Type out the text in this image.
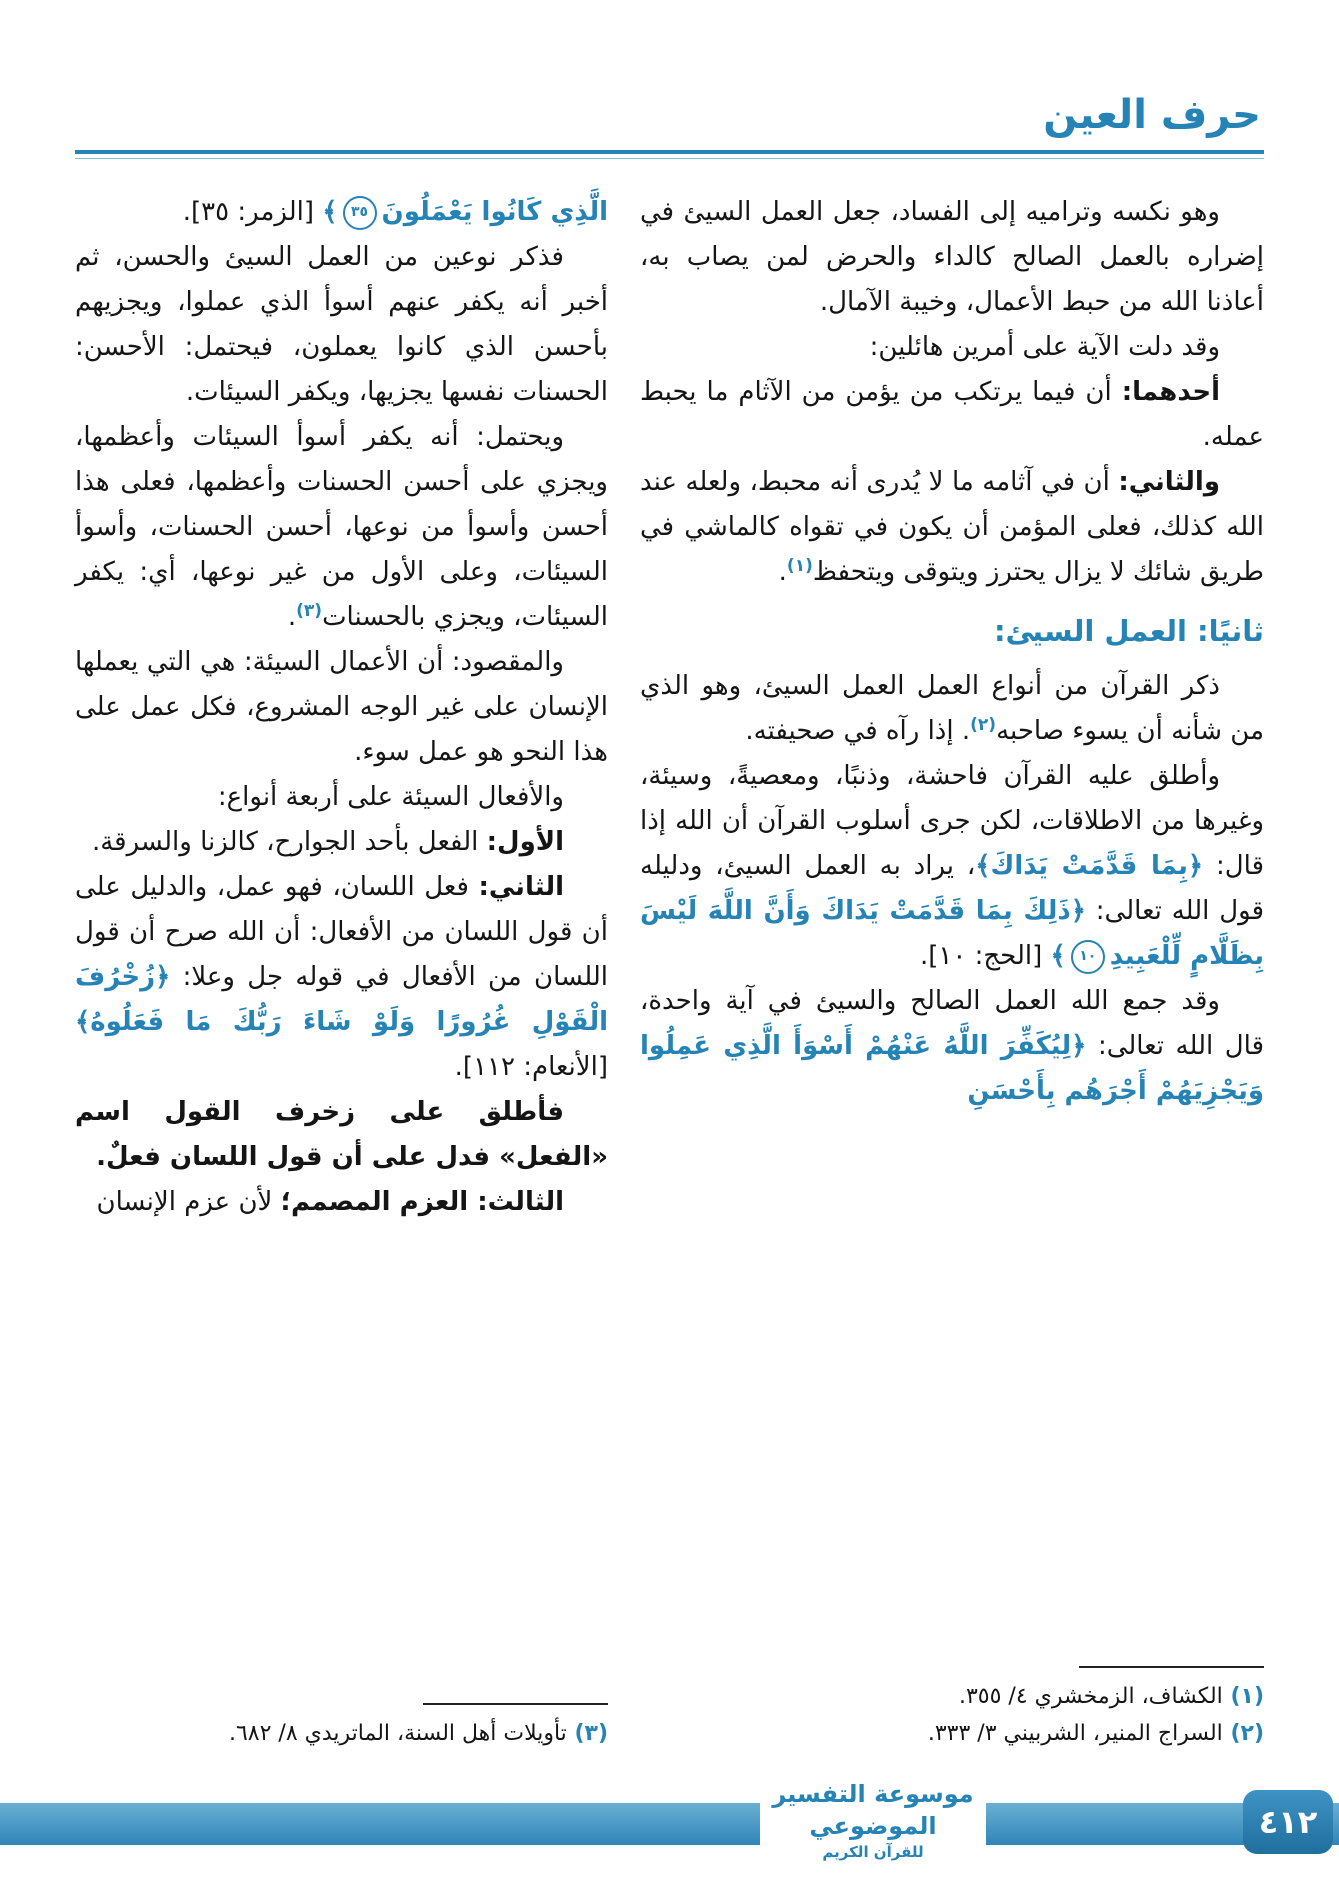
حرف العين

وهو نكسه وتراميه إلى الفساد، جعل العمل السيئ في إضراره بالعمل الصالح كالداء والحرض لمن يصاب به، أعاذنا الله من حبط الأعمال، وخيبة الآمال.

وقد دلت الآية على أمرين هائلين:

أحدهما: أن فيما يرتكب من يؤمن من الآثام ما يحبط عمله.

والثاني: أن في آثامه ما لا يُدرى أنه محبط، ولعله عند الله كذلك، فعلى المؤمن أن يكون في تقواه كالماشي في طريق شائك لا يزال يحترز ويتوقى ويتحفظ$^{(١)}$.

ثانيًا: العمل السيئ:

ذكر القرآن من أنواع العمل العمل السيئ، وهو الذي من شأنه أن يسوء صاحبه$^{(٢)}$. إذا رآه في صحيفته.

وأطلق عليه القرآن فاحشة، وذنبًا، ومعصيةً، وسيئة، وغيرها من الاطلاقات، لكن جرى أسلوب القرآن أن الله إذا قال: ﴿بِمَا قَدَّمَتْ يَدَاكَ﴾، يراد به العمل السيئ، ودليله قول الله تعالى: ﴿ذَلِكَ بِمَا قَدَّمَتْ يَدَاكَ وَأَنَّ اللَّهَ لَيْسَ بِظَلَّامٍ لِّلْعَبِيدِ١٠﴾ [الحج: ١٠].

وقد جمع الله العمل الصالح والسيئ في آية واحدة، قال الله تعالى: ﴿لِيُكَفِّرَ اللَّهُ عَنْهُمْ أَسْوَأَ الَّذِي عَمِلُوا وَيَجْزِيَهُمْ أَجْرَهُم بِأَحْسَنِ

(١) الكشاف، الزمخشري ٤/ ٣٥٥.
(٢) السراج المنير، الشربيني ٣/ ٣٣٣.

الَّذِي كَانُوا يَعْمَلُونَ٣٥﴾ [الزمر: ٣٥].

فذكر نوعين من العمل السيئ والحسن، ثم أخبر أنه يكفر عنهم أسوأ الذي عملوا، ويجزيهم بأحسن الذي كانوا يعملون، فيحتمل: الأحسن: الحسنات نفسها يجزيها، ويكفر السيئات.

ويحتمل: أنه يكفر أسوأ السيئات وأعظمها، ويجزي على أحسن الحسنات وأعظمها، فعلى هذا أحسن وأسوأ من نوعها، أحسن الحسنات، وأسوأ السيئات، وعلى الأول من غير نوعها، أي: يكفر السيئات، ويجزي بالحسنات$^{(٣)}$.

والمقصود: أن الأعمال السيئة: هي التي يعملها الإنسان على غير الوجه المشروع، فكل عمل على هذا النحو هو عمل سوء.

والأفعال السيئة على أربعة أنواع:

الأول: الفعل بأحد الجوارح، كالزنا والسرقة.

الثاني: فعل اللسان، فهو عمل، والدليل على أن قول اللسان من الأفعال: أن الله صرح أن قول اللسان من الأفعال في قوله جل وعلا: ﴿زُخْرُفَ الْقَوْلِ غُرُورًا وَلَوْ شَاءَ رَبُّكَ مَا فَعَلُوهُ﴾ [الأنعام: ١١٢].

فأطلق على زخرف القول اسم «الفعل» فدل على أن قول اللسان فعلٌ.

الثالث: العزم المصمم؛ لأن عزم الإنسان

(٣) تأويلات أهل السنة، الماتريدي ٨/ ٦٨٢.
موسوعة التفسير الموضوعي
للقرآن الكريم
٤١٢
